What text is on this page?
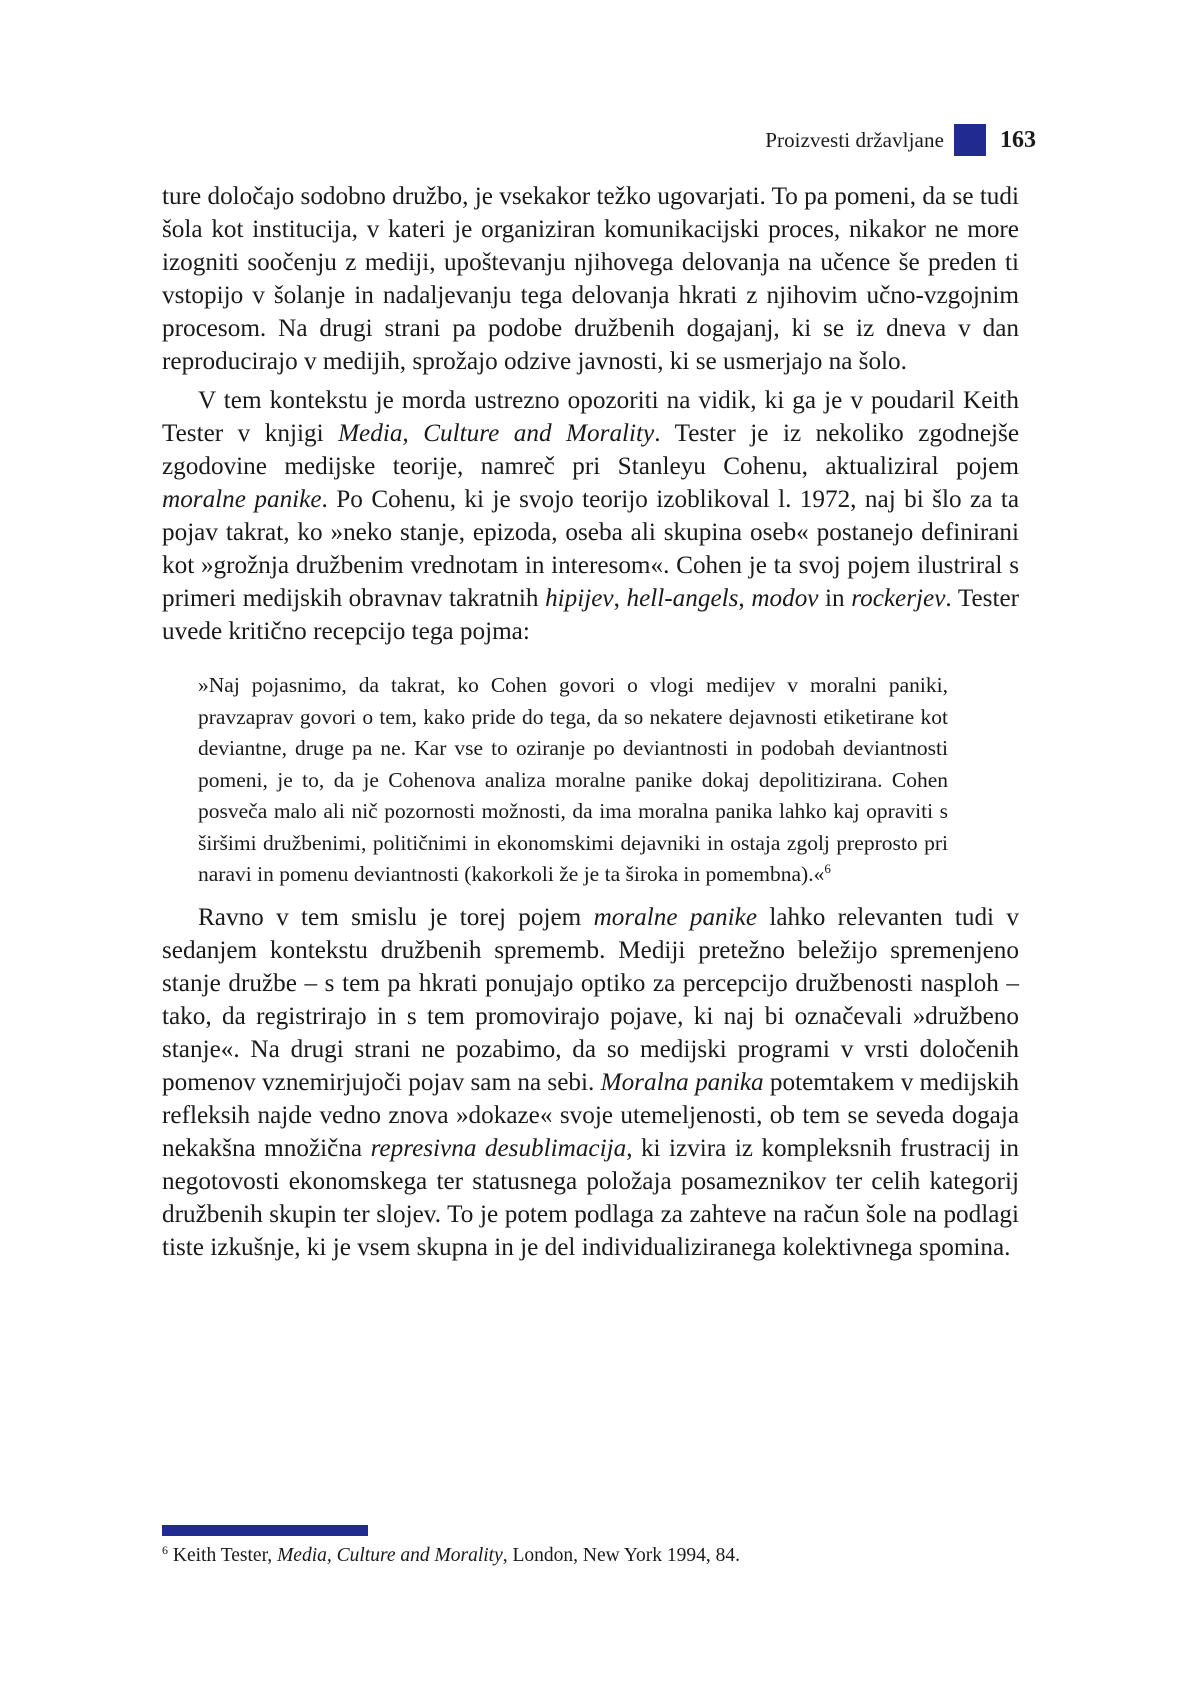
Proizvesti državljane 163

ture določajo sodobno družbo, je vsekakor težko ugovarjati. To pa pomeni, da se tudi šola kot institucija, v kateri je organiziran komunikacijski proces, nikakor ne more izogniti soočenju z mediji, upoštevanju njihovega delovanja na učence še preden ti vstopijo v šolanje in nadaljevanju tega delovanja hkrati z njihovim učno-vzgojnim procesom. Na drugi strani pa podobe družbenih dogajanj, ki se iz dneva v dan reproducirajo v medijih, sprožajo odzive javnosti, ki se usmerjajo na šolo.

V tem kontekstu je morda ustrezno opozoriti na vidik, ki ga je v poudaril Keith Tester v knjigi Media, Culture and Morality. Tester je iz nekoliko zgodnejše zgodovine medijske teorije, namreč pri Stanleyu Cohenu, aktualiziral pojem moralne panike. Po Cohenu, ki je svojo teorijo izoblikoval l. 1972, naj bi šlo za ta pojav takrat, ko »neko stanje, epizoda, oseba ali skupina oseb« postanejo definirani kot »grožnja družbenim vrednotam in interesom«. Cohen je ta svoj pojem ilustriral s primeri medijskih obravnav takratnih hipijev, hell-angels, modov in rockerjev. Tester uvede kritično recepcijo tega pojma:

»Naj pojasnimo, da takrat, ko Cohen govori o vlogi medijev v moralni paniki, pravzaprav govori o tem, kako pride do tega, da so nekatere dejavnosti etiketirane kot deviantne, druge pa ne. Kar vse to oziranje po deviantnosti in podobah deviantnosti pomeni, je to, da je Cohenova analiza moralne panike dokaj depolitizirana. Cohen posveča malo ali nič pozornosti možnosti, da ima moralna panika lahko kaj opraviti s širšimi družbenimi, političnimi in ekonomskimi dejavniki in ostaja zgolj preprosto pri naravi in pomenu deviantnosti (kakorkoli že je ta široka in pomembna).«$^6$

Ravno v tem smislu je torej pojem moralne panike lahko relevanten tudi v sedanjem kontekstu družbenih sprememb. Mediji pretežno beležijo spremenjeno stanje družbe – s tem pa hkrati ponujajo optiko za percepcijo družbenosti nasploh – tako, da registrirajo in s tem promovirajo pojave, ki naj bi označevali »družbeno stanje«. Na drugi strani ne pozabimo, da so medijski programi v vrsti določenih pomenov vznemirjujoči pojav sam na sebi. Moralna panika potemtakem v medijskih refleksih najde vedno znova »dokaze« svoje utemeljenosti, ob tem se seveda dogaja nekakšna množična represivna desublimacija, ki izvira iz kompleksnih frustracij in negotovosti ekonomskega ter statusnega položaja posameznikov ter celih kategorij družbenih skupin ter slojev. To je potem podlaga za zahteve na račun šole na podlagi tiste izkušnje, ki je vsem skupna in je del individualiziranega kolektivnega spomina.

$^6$ Keith Tester, Media, Culture and Morality, London, New York 1994, 84.
